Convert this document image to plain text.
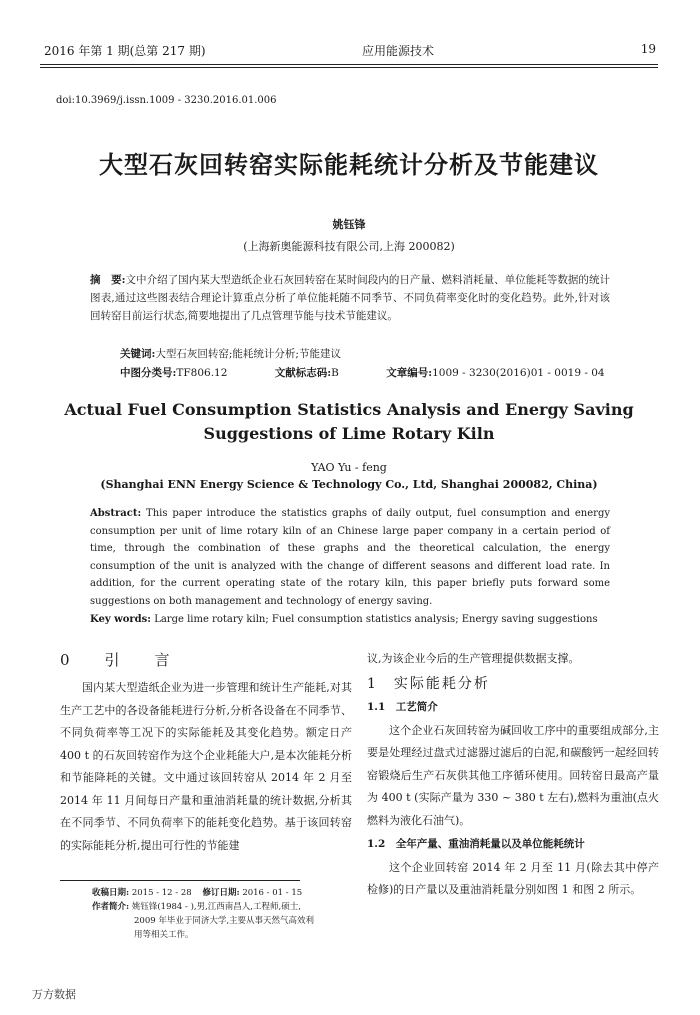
2016 年第 1 期(总第 217 期)	应用能源技术	19
doi:10.3969/j.issn.1009 - 3230.2016.01.006
大型石灰回转窑实际能耗统计分析及节能建议
姚钰锋
(上海新奥能源科技有限公司,上海 200082)
摘　要:文中介绍了国内某大型造纸企业石灰回转窑在某时间段内的日产量、燃料消耗量、单位能耗等数据的统计图表,通过这些图表结合理论计算重点分析了单位能耗随不同季节、不同负荷率变化时的变化趋势。此外,针对该回转窑目前运行状态,简要地提出了几点管理节能与技术节能建议。
关键词:大型石灰回转窑;能耗统计分析;节能建议
中图分类号:TF806.12	文献标志码:B	文章编号:1009 - 3230(2016)01 - 0019 - 04
Actual Fuel Consumption Statistics Analysis and Energy Saving
Suggestions of Lime Rotary Kiln
YAO Yu - feng
(Shanghai ENN Energy Science & Technology Co., Ltd, Shanghai 200082, China)
Abstract: This paper introduce the statistics graphs of daily output, fuel consumption and energy consumption per unit of lime rotary kiln of an Chinese large paper company in a certain period of time, through the combination of these graphs and the theoretical calculation, the energy consumption of the unit is analyzed with the change of different seasons and different load rate. In addition, for the current operating state of the rotary kiln, this paper briefly puts forward some suggestions on both management and technology of energy saving.
Key words: Large lime rotary kiln; Fuel consumption statistics analysis; Energy saving suggestions
0　引　言

国内某大型造纸企业为进一步管理和统计生产能耗,对其生产工艺中的各设备能耗进行分析,分析各设备在不同季节、不同负荷率等工况下的实际能耗及其变化趋势。额定日产 400 t 的石灰回转窑作为这个企业耗能大户,是本次能耗分析和节能降耗的关键。文中通过该回转窑从 2014 年 2 月至 2014 年 11 月间每日产量和重油消耗量的统计数据,分析其在不同季节、不同负荷率下的能耗变化趋势。基于该回转窑的实际能耗分析,提出可行性的节能建

议,为该企业今后的生产管理提供数据支撑。

1　实际能耗分析
1.1　工艺简介

这个企业石灰回转窑为碱回收工序中的重要组成部分,主要是处理经过盘式过滤器过滤后的白泥,和碳酸钙一起经回转窑锻烧后生产石灰供其他工序循环使用。回转窑日最高产量为 400 t (实际产量为 330 ~ 380 t 左右),燃料为重油(点火燃料为液化石油气)。

1.2　全年产量、重油消耗量以及单位能耗统计

这个企业回转窑 2014 年 2 月至 11 月(除去其中停产检修)的日产量以及重油消耗量分别如图 1 和图 2 所示。

收稿日期: 2015 - 12 - 28 修订日期: 2016 - 01 - 15
作者简介: 姚钰锋(1984 - ),男,江西南昌人,工程师,硕士,
2009 年毕业于同济大学,主要从事天然气高效利
用等相关工作。
万方数据
